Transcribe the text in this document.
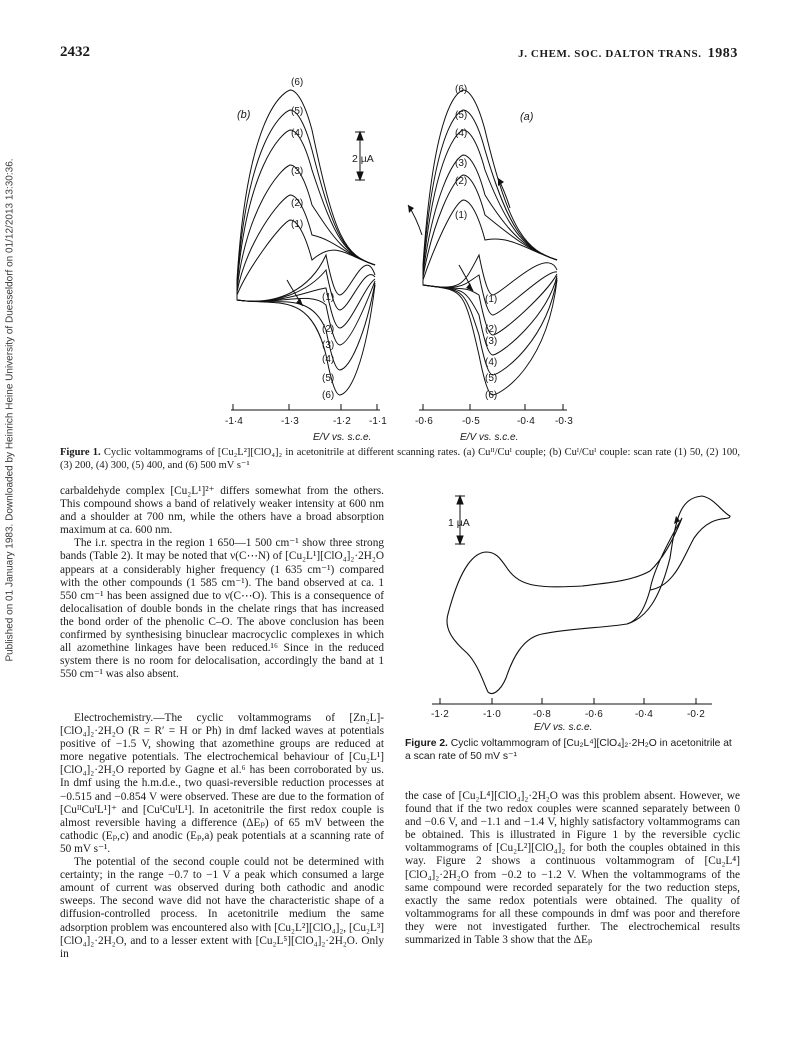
2432	J. CHEM. SOC. DALTON TRANS. 1983
Published on 01 January 1983. Downloaded by Heinrich Heine University of Duesseldorf on 01/12/2013 13:30:36.
(6)
(5)
(4)
(3)
(2)
(1)
(1)
(2)
(3)
(4)
(5)
(6)
(b)
2 µA
-1·4	-1·3	-1·2 -1·1
E/V vs. s.c.e.
(6)
(5)
(4)
(3)
(2)
(1)
(1)
(2)
(3)
(4)
(5)
(6)
(a)
-0·6	-0·5	-0·4 -0·3
E/V vs. s.c.e.
Figure 1. Cyclic voltammograms of [Cu₂L²][ClO₄]₂ in acetonitrile at different scanning rates. (a) Cuᴵᴵ/Cuᴵ couple; (b) Cuᴵ/Cuᴵ couple: scan rate (1) 50, (2) 100, (3) 200, (4) 300, (5) 400, and (6) 500 mV s⁻¹

carbaldehyde complex [Cu₂L¹]²⁺ differs somewhat from the others. This compound shows a band of relatively weaker intensity at 600 nm and a shoulder at 700 nm, while the others have a broad absorption maximum at ca. 600 nm.

The i.r. spectra in the region 1 650—1 500 cm⁻¹ show three strong bands (Table 2). It may be noted that ν(C⋯N) of [Cu₂L¹][ClO₄]₂·2H₂O appears at a considerably higher frequency (1 635 cm⁻¹) compared with the other compounds (1 585 cm⁻¹). The band observed at ca. 1 550 cm⁻¹ has been assigned due to ν(C⋯O). This is a consequence of delocalisation of double bonds in the chelate rings that has increased the bond order of the phenolic C–O. The above conclusion has been confirmed by synthesising binuclear macrocyclic complexes in which all azomethine linkages have been reduced.¹⁶ Since in the reduced system there is no room for delocalisation, accordingly the band at 1 550 cm⁻¹ was also absent.

Electrochemistry.—The cyclic voltammograms of [Zn₂L]-[ClO₄]₂·2H₂O (R = R′ = H or Ph) in dmf lacked waves at potentials positive of −1.5 V, showing that azomethine groups are reduced at more negative potentials. The electrochemical behaviour of [Cu₂L¹][ClO₄]₂·2H₂O reported by Gagne et al.⁶ has been corroborated by us. In dmf using the h.m.d.e., two quasi-reversible reduction processes at −0.515 and −0.854 V were observed. These are due to the formation of [CuᴵᴵCuᴵL¹]⁺ and [CuᴵCuᴵL¹]. In acetonitrile the first redox couple is almost reversible having a difference (ΔEₚ) of 65 mV between the cathodic (Eₚ,c) and anodic (Eₚ,a) peak potentials at a scanning rate of 50 mV s⁻¹.

The potential of the second couple could not be determined with certainty; in the range −0.7 to −1 V a peak which consumed a large amount of current was observed during both cathodic and anodic sweeps. The second wave did not have the characteristic shape of a diffusion-controlled process. In acetonitrile medium the same adsorption problem was encountered also with [Cu₂L²][ClO₄]₂, [Cu₂L³][ClO₄]₂·2H₂O, and to a lesser extent with [Cu₂L⁵][ClO₄]₂·2H₂O. Only in

1 µA
-1·2	-1·0	-0·8	-0·6	-0·4	-0·2
E/V vs. s.c.e.
Figure 2. Cyclic voltammogram of [Cu₂L⁴][ClO₄]₂·2H₂O in acetonitrile at a scan rate of 50 mV s⁻¹

the case of [Cu₂L⁴][ClO₄]₂·2H₂O was this problem absent. However, we found that if the two redox couples were scanned separately between 0 and −0.6 V, and −1.1 and −1.4 V, highly satisfactory voltammograms can be obtained. This is illustrated in Figure 1 by the reversible cyclic voltammograms of [Cu₂L²][ClO₄]₂ for both the couples obtained in this way. Figure 2 shows a continuous voltammogram of [Cu₂L⁴][ClO₄]₂·2H₂O from −0.2 to −1.2 V. When the voltammograms of the same compound were recorded separately for the two reduction steps, exactly the same redox potentials were obtained. The quality of voltammograms for all these compounds in dmf was poor and therefore they were not investigated further. The electrochemical results summarized in Table 3 show that the ΔEₚ
